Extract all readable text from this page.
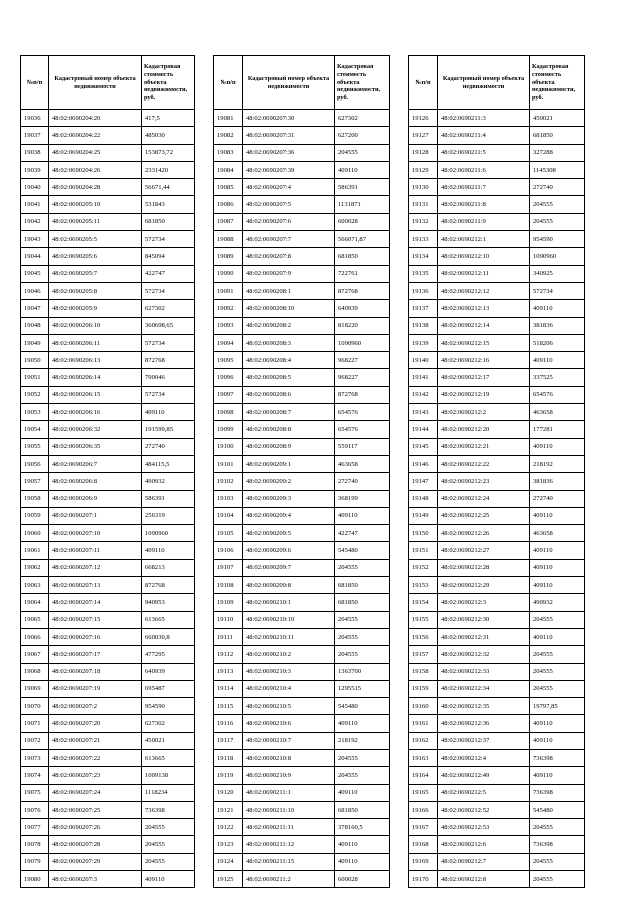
№п/п	Кадастровый номер объекта недвижимости	Кадастровая стоимость объекта недвижимости, руб.
19036	48:02:0690204:20	417,5
19037	48:02:0690204:22	485030
19038	48:02:0690204:25	153873,72
19039	48:02:0690204:26	2331420
19040	48:02:0690204:28	56671,44
19041	48:02:0690205:10	531843
19042	48:02:0690205:11	681850
19043	48:02:0690205:5	572734
19044	48:02:0690205:6	845094
19045	48:02:0690205:7	422747
19046	48:02:0690205:8	572734
19047	48:02:0690205:9	627302
19048	48:02:0690206:10	360698,65
19049	48:02:0690206:11	572734
19050	48:02:0690206:13	872768
19051	48:02:0690206:14	790046
19052	48:02:0690206:15	572734
19053	48:02:0690206:16	409110
19054	48:02:0690206:32	191599,85
19055	48:02:0690206:35	272740
19056	48:02:0690206:7	484115,5
19057	48:02:0690206:8	490932
19058	48:02:0690206:9	586391
19059	48:02:0690207:1	256319
19060	48:02:0690207:10	1090960
19061	48:02:0690207:11	409110
19062	48:02:0690207:12	668213
19063	48:02:0690207:13	872768
19064	48:02:0690207:14	940953
19065	48:02:0690207:15	613665
19066	48:02:0690207:16	660030,8
19067	48:02:0690207:17	477295
19068	48:02:0690207:18	640939
19069	48:02:0690207:19	695487
19070	48:02:0690207:2	954590
19071	48:02:0690207:20	627302
19072	48:02:0690207:21	450021
19073	48:02:0690207:22	613665
19074	48:02:0690207:23	1009138
19075	48:02:0690207:24	1118234
19076	48:02:0690207:25	736398
19077	48:02:0690207:26	204555
19078	48:02:0690207:28	204555
19079	48:02:0690207:29	204555
19080	48:02:0690207:3	409110
№п/п	Кадастровый номер объекта недвижимости	Кадастровая стоимость объекта недвижимости, руб.
19081	48:02:0690207:30	627302
19082	48:02:0690207:31	627200
19083	48:02:0690207:36	204555
19084	48:02:0690207:39	409110
19085	48:02:0690207:4	586391
19086	48:02:0690207:5	1131871
19087	48:02:0690207:6	600028
19088	48:02:0690207:7	566071,87
19089	48:02:0690207:8	681850
19090	48:02:0690207:9	722761
19091	48:02:0690208:1	872768
19092	48:02:0690208:10	640939
19093	48:02:0690208:2	818220
19094	48:02:0690208:3	1090960
19095	48:02:0690208:4	968227
19096	48:02:0690208:5	968227
19097	48:02:0690208:6	872768
19098	48:02:0690208:7	654576
19099	48:02:0690208:8	654576
19100	48:02:0690208:9	559117
19101	48:02:0690209:1	463658
19102	48:02:0690209:2	272740
19103	48:02:0690209:3	368199
19104	48:02:0690209:4	409110
19105	48:02:0690209:5	422747
19106	48:02:0690209:6	545480
19107	48:02:0690209:7	204555
19108	48:02:0690209:8	681850
19109	48:02:0690210:1	681850
19110	48:02:0690210:10	204555
19111	48:02:0690210:11	204555
19112	48:02:0690210:2	204555
19113	48:02:0690210:3	1363700
19114	48:02:0690210:4	1295515
19115	48:02:0690210:5	545480
19116	48:02:0690210:6	409110
19117	48:02:0690210:7	218192
19118	48:02:0690210:8	204555
19119	48:02:0690210:9	204555
19120	48:02:0690211:1	409110
19121	48:02:0690211:10	681850
19122	48:02:0690211:11	378160,5
19123	48:02:0690211:12	409110
19124	48:02:0690211:15	409110
19125	48:02:0690211:2	600028
№п/п	Кадастровый номер объекта недвижимости	Кадастровая стоимость объекта недвижимости, руб.
19126	48:02:0690211:3	450021
19127	48:02:0690211:4	681850
19128	48:02:0690211:5	327288
19129	48:02:0690211:6	1145308
19130	48:02:0690211:7	272740
19131	48:02:0690211:8	204555
19132	48:02:0690211:9	204555
19133	48:02:0690212:1	954590
19134	48:02:0690212:10	1090960
19135	48:02:0690212:11	340925
19136	48:02:0690212:12	572734
19137	48:02:0690212:13	409110
19138	48:02:0690212:14	381836
19139	48:02:0690212:15	518206
19140	48:02:0690212:16	409110
19141	48:02:0690212:17	337525
19142	48:02:0690212:19	654576
19143	48:02:0690212:2	463658
19144	48:02:0690212:20	177281
19145	48:02:0690212:21	409110
19146	48:02:0690212:22	218192
19147	48:02:0690212:23	381836
19148	48:02:0690212:24	272740
19149	48:02:0690212:25	409110
19150	48:02:0690212:26	463658
19151	48:02:0690212:27	409110
19152	48:02:0690212:28	409110
19153	48:02:0690212:29	409110
19154	48:02:0690212:3	490932
19155	48:02:0690212:30	204555
19156	48:02:0690212:31	409110
19157	48:02:0690212:32	204555
19158	48:02:0690212:33	204555
19159	48:02:0690212:34	204555
19160	48:02:0690212:35	19797,85
19161	48:02:0690212:36	409110
19162	48:02:0690212:37	409110
19163	48:02:0690212:4	736398
19164	48:02:0690212:49	409110
19165	48:02:0690212:5	736398
19166	48:02:0690212:52	545480
19167	48:02:0690212:53	204555
19168	48:02:0690212:6	736398
19169	48:02:0690212:7	204555
19170	48:02:0690212:8	204555
